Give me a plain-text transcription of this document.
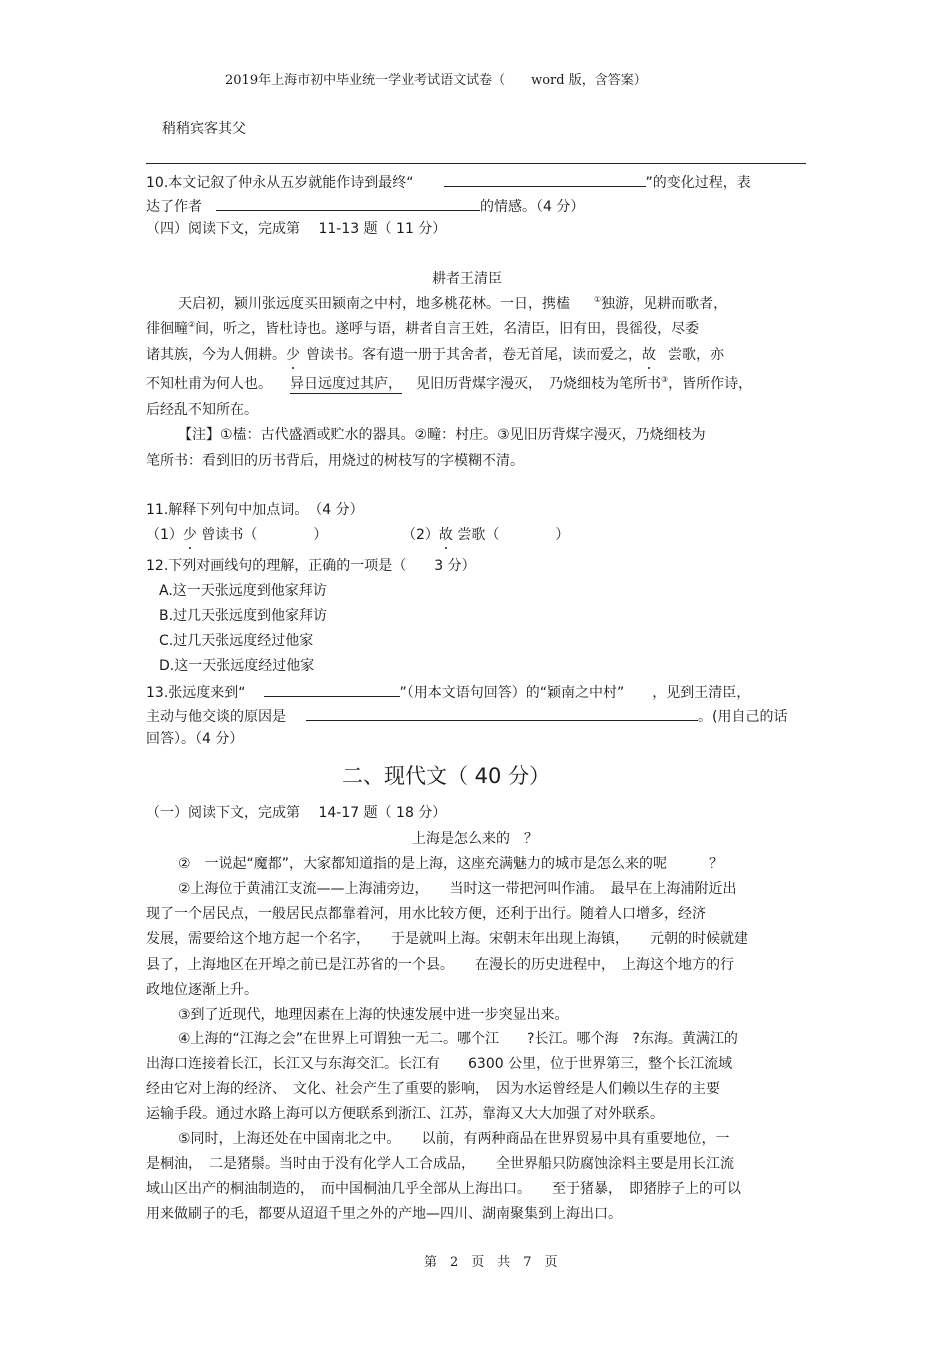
2019年上海市初中毕业统一学业考试语文试卷（　　word 版，含答案）
稍稍宾客其父
10.本文记叙了仲永从五岁就能作诗到最终“	”的变化过程，表
达了作者	的情感。（4 分）
（四）阅读下文，完成第　 11-13 题（ 11 分）
耕者王清臣
天启初，颍川张远度买田颍南之中村，地多桃花林。一日，携榼	①独游，见耕而歌者，
徘徊疃②间，听之，皆杜诗也。遂呼与语，耕者自言王姓，名清臣，旧有田，畏徭役，尽委
诸其族，今为人佣耕。少 曾读书。客有遗一册于其舍者，卷无首尾，读而爱之，故 尝歌，亦
不知杜甫为何人也。 异日远度过其庐， 见旧历背煤字漫灭，　乃烧细枝为笔所书③，皆所作诗，
后经乱不知所在。
【注】①榼：古代盛酒或贮水的器具。②疃：村庄。③见旧历背煤字漫灭，乃烧细枝为
笔所书：看到旧的历书背后，用烧过的树枝写的字模糊不清。
11.解释下列句中加点词。　（4 分）
（1）少 曾读书（　　　　）	（2）故 尝歌（　　　　）
12.下列对画线句的理解，正确的一项是（　　3 分）
A.这一天张远度到他家拜访
B.过几天张远度到他家拜访
C.过几天张远度经过他家
D.这一天张远度经过他家
13.张远度来到“	”（用本文语句回答）的“颖南之中村”　　，见到王清臣，
主动与他交谈的原因是	。(用自己的话
回答）。（4 分）
二、现代文（ 40 分）
（一）阅读下文，完成第　 14-17 题（ 18 分）
上海是怎么来的　？
②　一说起“魔都”，大家都知道指的是上海，这座充满魅力的城市是怎么来的呢　　　？
②上海位于黄浦江支流——上海浦旁边，　　当时这一带把河叫作浦。　最早在上海浦附近出
现了一个居民点，一般居民点都靠着河，用水比较方便，还利于出行。随着人口增多，经济
发展，需要给这个地方起一个名字，　　于是就叫上海。宋朝末年出现上海镇，　　元朝的时候就建
县了，上海地区在开埠之前已是江苏省的一个县。　　在漫长的历史进程中，　上海这个地方的行
政地位逐渐上升。
③到了近现代，地理因素在上海的快速发展中进一步突显出来。
④上海的“江海之会”在世界上可谓独一无二。哪个江　　?长江。哪个海　?东海。黄满江的
出海口连接着长江，长江又与东海交汇。长江有　　6300 公里，位于世界第三，整个长江流域
经由它对上海的经济、　文化、社会产生了重要的影响，　因为水运曾经是人们赖以生存的主要
运输手段。通过水路上海可以方便联系到浙江、江苏，靠海又大大加强了对外联系。
⑤同时，上海还处在中国南北之中。　　以前，有两种商品在世界贸易中具有重要地位，一
是桐油，　二是猪鬃。当时由于没有化学人工合成品，　　全世界船只防腐蚀涂料主要是用长江流
域山区出产的桐油制造的，　而中国桐油几乎全部从上海出口。　　至于猪暴，　即猪脖子上的可以
用来做刷子的毛，都要从迢迢千里之外的产地—四川、湖南聚集到上海出口。
第　2　页　共　7　页
